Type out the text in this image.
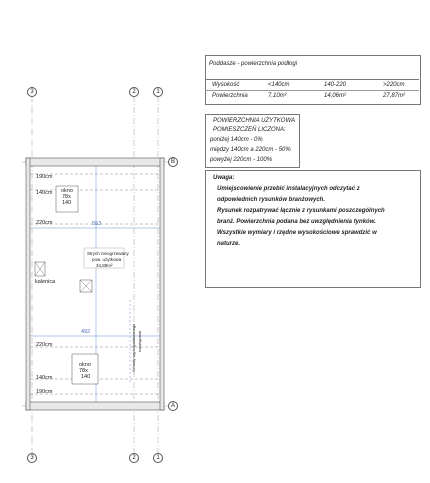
Poddasze - powierzchnia podłogi
Wysokość	<140cm	140-220	>220cm
Powierzchnia	7,10m²	14,06m²	27,87m²
POWIERZCHNIA UŻYTKOWA
POMIESZCZEŃ LICZONA:
poniżej 140cm - 0%
między 140cm a 220cm - 50%
powyżej 220cm - 100%
Uwaga:
Umiejscowienie przebić instalacyjnych odczytać z
odpowiednich rysunków branżowych.
Rysunek rozpatrywać łącznie z rysunkami poszczególnych
branż. Powierzchnia podana bez uwzględnienia tynków.
Wszystkie wymiary i rzędne wysokościowe sprawdzić w
naturze.
190cm
140cm
220cm
220cm
140cm
190cm
okno
78x
140
okno
78x
140
Strych nieogrzewany
pow. użytkowa
34,89m²
kalenica
553
492	Schody wg indywidualnego rozwiązania
3	2	1
3	2	1
B
A
